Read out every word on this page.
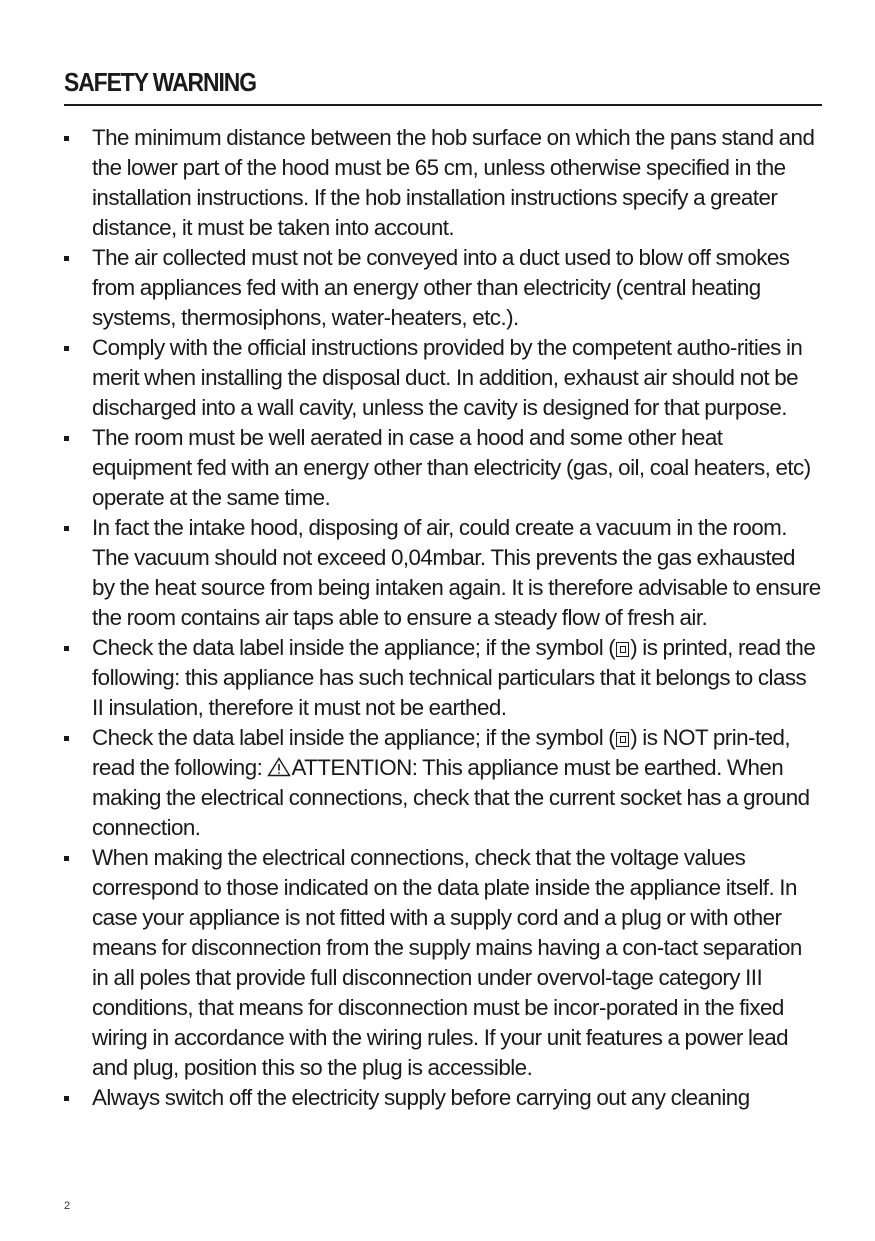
SAFETY WARNING
The minimum distance between the hob surface on which the pans stand and the lower part of the hood must be 65 cm, unless otherwise specified in the installation instructions. If the hob installation instructions specify a greater distance, it must be taken into account.
The air collected must not be conveyed into a duct used to blow off smokes from appliances fed with an energy other than electricity (central heating systems, thermosiphons, water-heaters, etc.).
Comply with the official instructions provided by the competent autho-rities in merit when installing the disposal duct. In addition, exhaust air should not be discharged into a wall cavity, unless the cavity is designed for that purpose.
The room must be well aerated in case a hood and some other heat equipment fed with an energy other than electricity (gas, oil, coal heaters, etc) operate at the same time.
In fact the intake hood, disposing of air, could create a vacuum in the room. The vacuum should not exceed 0,04mbar. This prevents the gas exhausted by the heat source from being intaken again. It is therefore advisable to ensure the room contains air taps able to ensure a steady flow of fresh air.
Check the data label inside the appliance; if the symbol ( ) is printed, read the following: this appliance has such technical particulars that it belongs to class II insulation, therefore it must not be earthed.
Check the data label inside the appliance; if the symbol ( ) is NOT prin-ted, read the following: ATTENTION: This appliance must be earthed. When making the electrical connections, check that the current socket has a ground connection.
When making the electrical connections, check that the voltage values correspond to those indicated on the data plate inside the appliance itself. In case your appliance is not fitted with a supply cord and a plug or with other means for disconnection from the supply mains having a con-tact separation in all poles that provide full disconnection under overvol-tage category III conditions, that means for disconnection must be incor-porated in the fixed wiring in accordance with the wiring rules. If your unit features a power lead and plug, position this so the plug is accessible.
Always switch off the electricity supply before carrying out any cleaning
2
